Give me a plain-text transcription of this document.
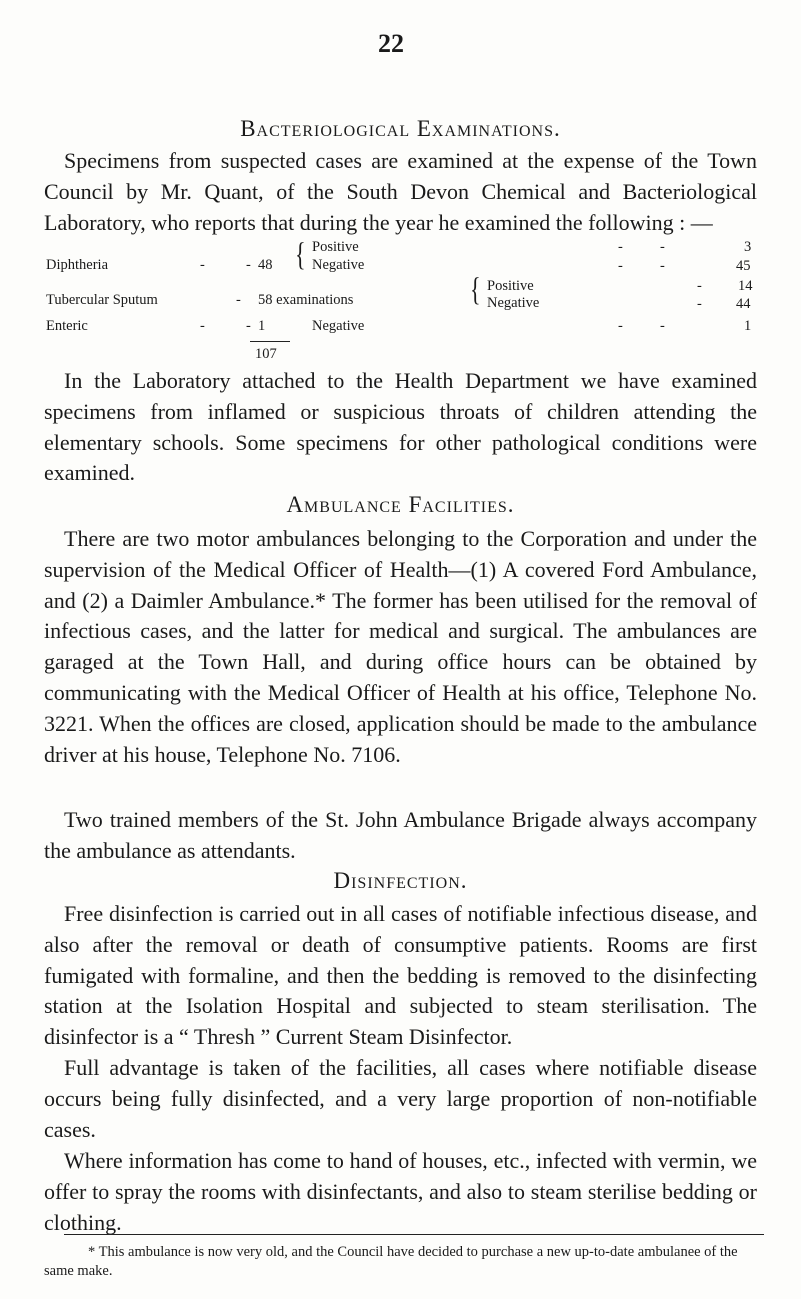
22
Bacteriological Examinations.
Specimens from suspected cases are examined at the expense of the Town Council by Mr. Quant, of the South Devon Chemical and Bacteriological Laboratory, who reports that during the year he examined the following : —
Diphtheria	-	- 48 { Positive	-	-	3
Negative	-	-	45
Tubercular Sputum	- 58 examinations	{ Positive	- 14
Negative	- 44
Enteric	-	- 1	Negative	-	-	1
107
In the Laboratory attached to the Health Department we have examined specimens from inflamed or suspicious throats of children attending the elementary schools. Some specimens for other pathological conditions were examined.
Ambulance Facilities.
There are two motor ambulances belonging to the Corporation and under the supervision of the Medical Officer of Health—(1) A covered Ford Ambulance, and (2) a Daimler Ambulance.* The former has been utilised for the removal of infectious cases, and the latter for medical and surgical. The ambulances are garaged at the Town Hall, and during office hours can be obtained by communicating with the Medical Officer of Health at his office, Telephone No. 3221. When the offices are closed, application should be made to the ambulance driver at his house, Telephone No. 7106.
Two trained members of the St. John Ambulance Brigade always accompany the ambulance as attendants.
Disinfection.
Free disinfection is carried out in all cases of notifiable infectious disease, and also after the removal or death of consumptive patients. Rooms are first fumigated with formaline, and then the bedding is removed to the disinfecting station at the Isolation Hospital and subjected to steam sterilisation. The disinfector is a “ Thresh ” Current Steam Disinfector.
Full advantage is taken of the facilities, all cases where notifiable disease occurs being fully disinfected, and a very large proportion of non-notifiable cases.
Where information has come to hand of houses, etc., infected with vermin, we offer to spray the rooms with disinfectants, and also to steam sterilise bedding or clothing.
* This ambulance is now very old, and the Council have decided to purchase a new up-to-date ambulanee of the same make.
